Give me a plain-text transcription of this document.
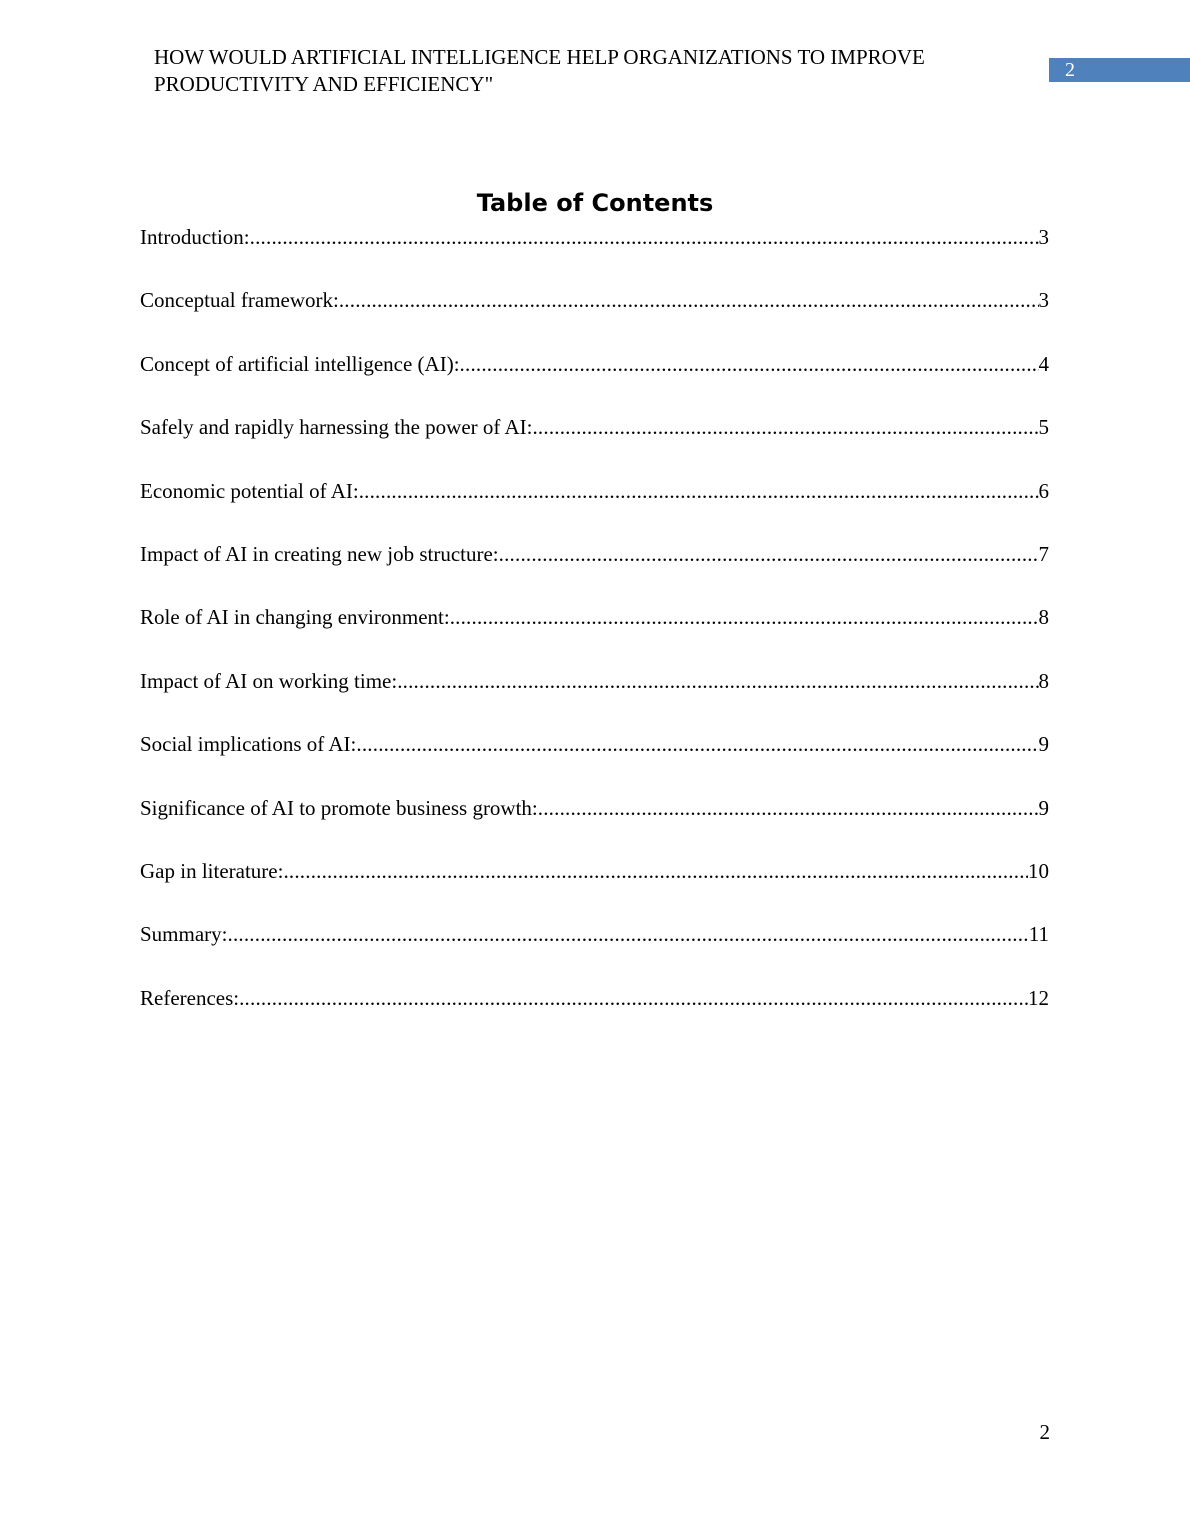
HOW WOULD ARTIFICIAL INTELLIGENCE HELP ORGANIZATIONS TO IMPROVE PRODUCTIVITY AND EFFICIENCY"
2
Table of Contents
Introduction: .....	3
Conceptual framework: .....	3
Concept of artificial intelligence (AI): .....	4
Safely and rapidly harnessing the power of AI: .....	5
Economic potential of AI: .....	6
Impact of AI in creating new job structure: .....	7
Role of AI in changing environment: .....	8
Impact of AI on working time: .....	8
Social implications of AI: .....	9
Significance of AI to promote business growth: .....	9
Gap in literature: .....	10
Summary: .....	11
References: .....	12
2
